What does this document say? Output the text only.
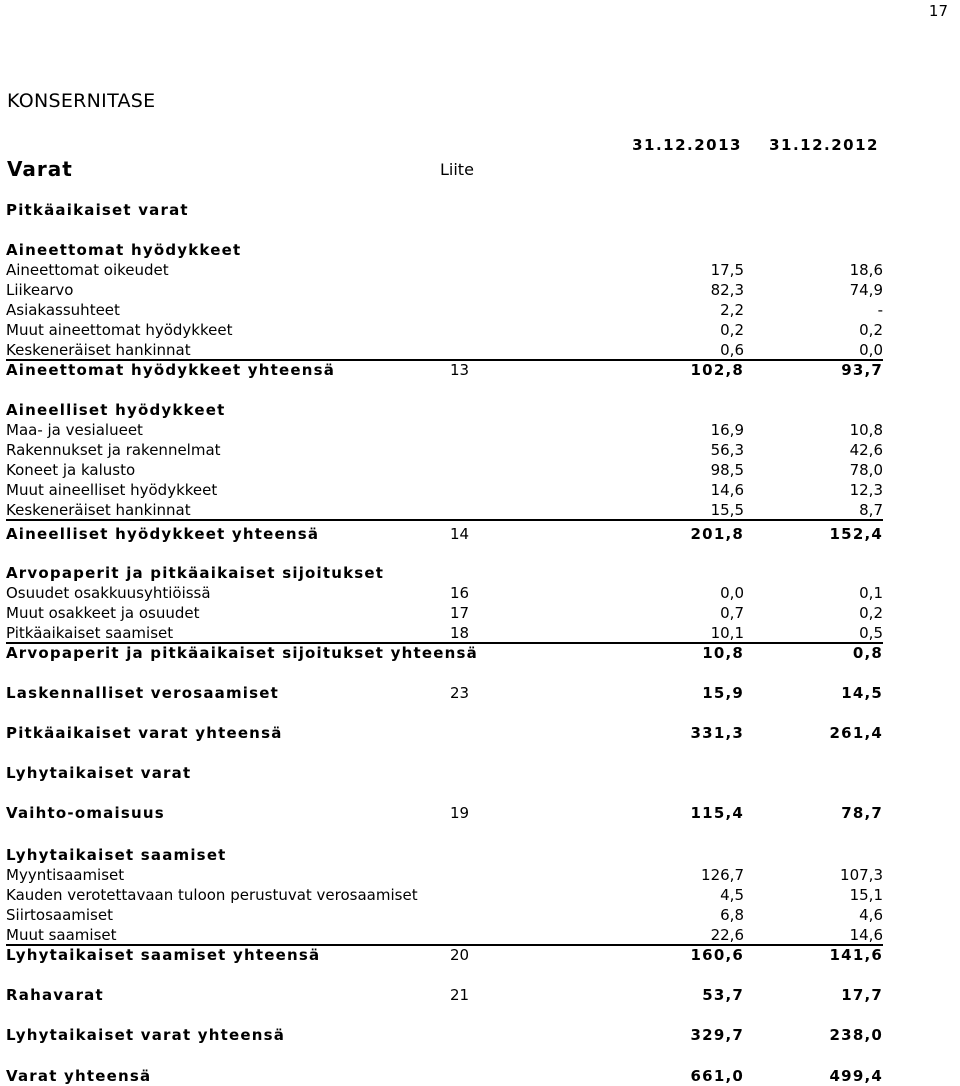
17
KONSERNITASE
31.12.2013 31.12.2012
Varat	Liite
Pitkäaikaiset varat
Aineettomat hyödykkeet
Aineettomat oikeudet	17,5	18,6
Liikearvo	82,3	74,9
Asiakassuhteet	2,2	-
Muut aineettomat hyödykkeet	0,2	0,2
Keskeneräiset hankinnat	0,6	0,0
Aineettomat hyödykkeet yhteensä	13	102,8	93,7
Aineelliset hyödykkeet
Maa- ja vesialueet	16,9	10,8
Rakennukset ja rakennelmat	56,3	42,6
Koneet ja kalusto	98,5	78,0
Muut aineelliset hyödykkeet	14,6	12,3
Keskeneräiset hankinnat	15,5	8,7
Aineelliset hyödykkeet yhteensä	14	201,8	152,4
Arvopaperit ja pitkäaikaiset sijoitukset
Osuudet osakkuusyhtiöissä	16	0,0	0,1
Muut osakkeet ja osuudet	17	0,7	0,2
Pitkäaikaiset saamiset	18	10,1	0,5
Arvopaperit ja pitkäaikaiset sijoitukset yhteensä	10,8	0,8
Laskennalliset verosaamiset	23	15,9	14,5
Pitkäaikaiset varat yhteensä	331,3	261,4
Lyhytaikaiset varat
Vaihto-omaisuus	19	115,4	78,7
Lyhytaikaiset saamiset
Myyntisaamiset	126,7	107,3
Kauden verotettavaan tuloon perustuvat verosaamiset	4,5	15,1
Siirtosaamiset	6,8	4,6
Muut saamiset	22,6	14,6
Lyhytaikaiset saamiset yhteensä	20	160,6	141,6
Rahavarat	21	53,7	17,7
Lyhytaikaiset varat yhteensä	329,7	238,0
Varat yhteensä	661,0	499,4
